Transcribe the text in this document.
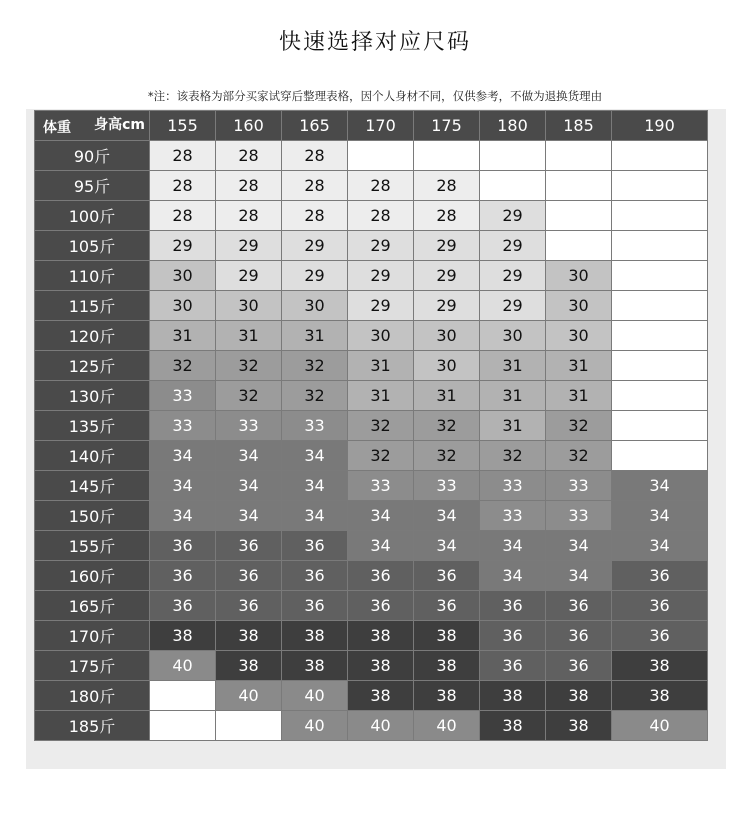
快速选择对应尺码
*注：该表格为部分买家试穿后整理表格，因个人身材不同，仅供参考，不做为退换货理由
身高cm
体重	155	160	165	170	175	180	185	190
90斤	28	28	28					
95斤	28	28	28	28	28			
100斤	28	28	28	28	28	29		
105斤	29	29	29	29	29	29		
110斤	30	29	29	29	29	29	30	
115斤	30	30	30	29	29	29	30	
120斤	31	31	31	30	30	30	30	
125斤	32	32	32	31	30	31	31	
130斤	33	32	32	31	31	31	31	
135斤	33	33	33	32	32	31	32	
140斤	34	34	34	32	32	32	32	
145斤	34	34	34	33	33	33	33	34
150斤	34	34	34	34	34	33	33	34
155斤	36	36	36	34	34	34	34	34
160斤	36	36	36	36	36	34	34	36
165斤	36	36	36	36	36	36	36	36
170斤	38	38	38	38	38	36	36	36
175斤	40	38	38	38	38	36	36	38
180斤		40	40	38	38	38	38	38
185斤			40	40	40	38	38	40
